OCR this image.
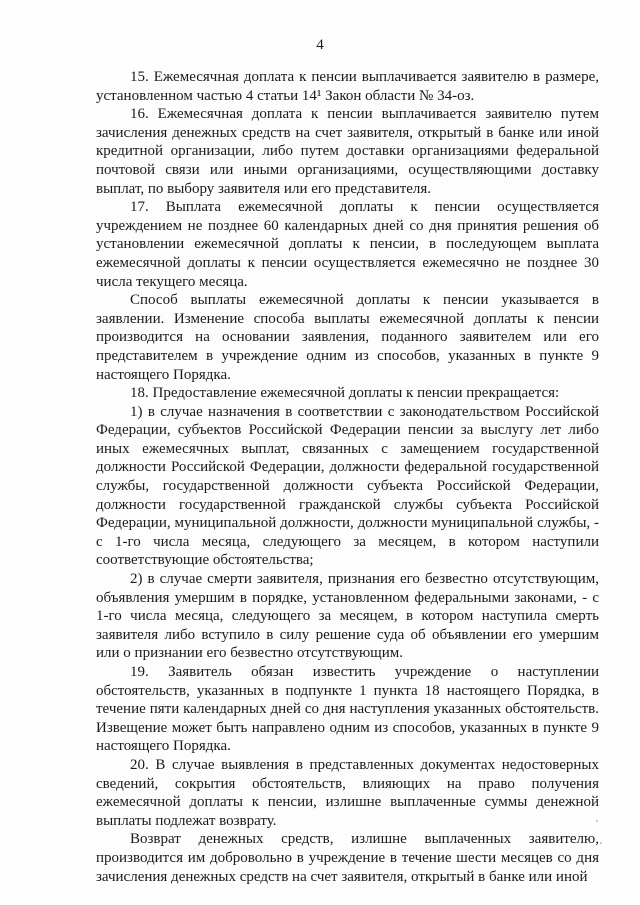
4

15. Ежемесячная доплата к пенсии выплачивается заявителю в размере, установленном частью 4 статьи 14¹ Закон области № 34-оз.

16. Ежемесячная доплата к пенсии выплачивается заявителю путем зачисления денежных средств на счет заявителя, открытый в банке или иной кредитной организации, либо путем доставки организациями федеральной почтовой связи или иными организациями, осуществляющими доставку выплат, по выбору заявителя или его представителя.

17. Выплата ежемесячной доплаты к пенсии осуществляется учреждением не позднее 60 календарных дней со дня принятия решения об установлении ежемесячной доплаты к пенсии, в последующем выплата ежемесячной доплаты к пенсии осуществляется ежемесячно не позднее 30 числа текущего месяца.

Способ выплаты ежемесячной доплаты к пенсии указывается в заявлении. Изменение способа выплаты ежемесячной доплаты к пенсии производится на основании заявления, поданного заявителем или его представителем в учреждение одним из способов, указанных в пункте 9 настоящего Порядка.

18. Предоставление ежемесячной доплаты к пенсии прекращается:

1) в случае назначения в соответствии с законодательством Российской Федерации, субъектов Российской Федерации пенсии за выслугу лет либо иных ежемесячных выплат, связанных с замещением государственной должности Российской Федерации, должности федеральной государственной службы, государственной должности субъекта Российской Федерации, должности государственной гражданской службы субъекта Российской Федерации, муниципальной должности, должности муниципальной службы, - с 1-го числа месяца, следующего за месяцем, в котором наступили соответствующие обстоятельства;

2) в случае смерти заявителя, признания его безвестно отсутствующим, объявления умершим в порядке, установленном федеральными законами, - с 1-го числа месяца, следующего за месяцем, в котором наступила смерть заявителя либо вступило в силу решение суда об объявлении его умершим или о признании его безвестно отсутствующим.

19. Заявитель обязан известить учреждение о наступлении обстоятельств, указанных в подпункте 1 пункта 18 настоящего Порядка, в течение пяти календарных дней со дня наступления указанных обстоятельств. Извещение может быть направлено одним из способов, указанных в пункте 9 настоящего Порядка.

20. В случае выявления в представленных документах недостоверных сведений, сокрытия обстоятельств, влияющих на право получения ежемесячной доплаты к пенсии, излишне выплаченные суммы денежной выплаты подлежат возврату.

Возврат денежных средств, излишне выплаченных заявителю, производится им добровольно в учреждение в течение шести месяцев со дня зачисления денежных средств на счет заявителя, открытый в банке или иной
